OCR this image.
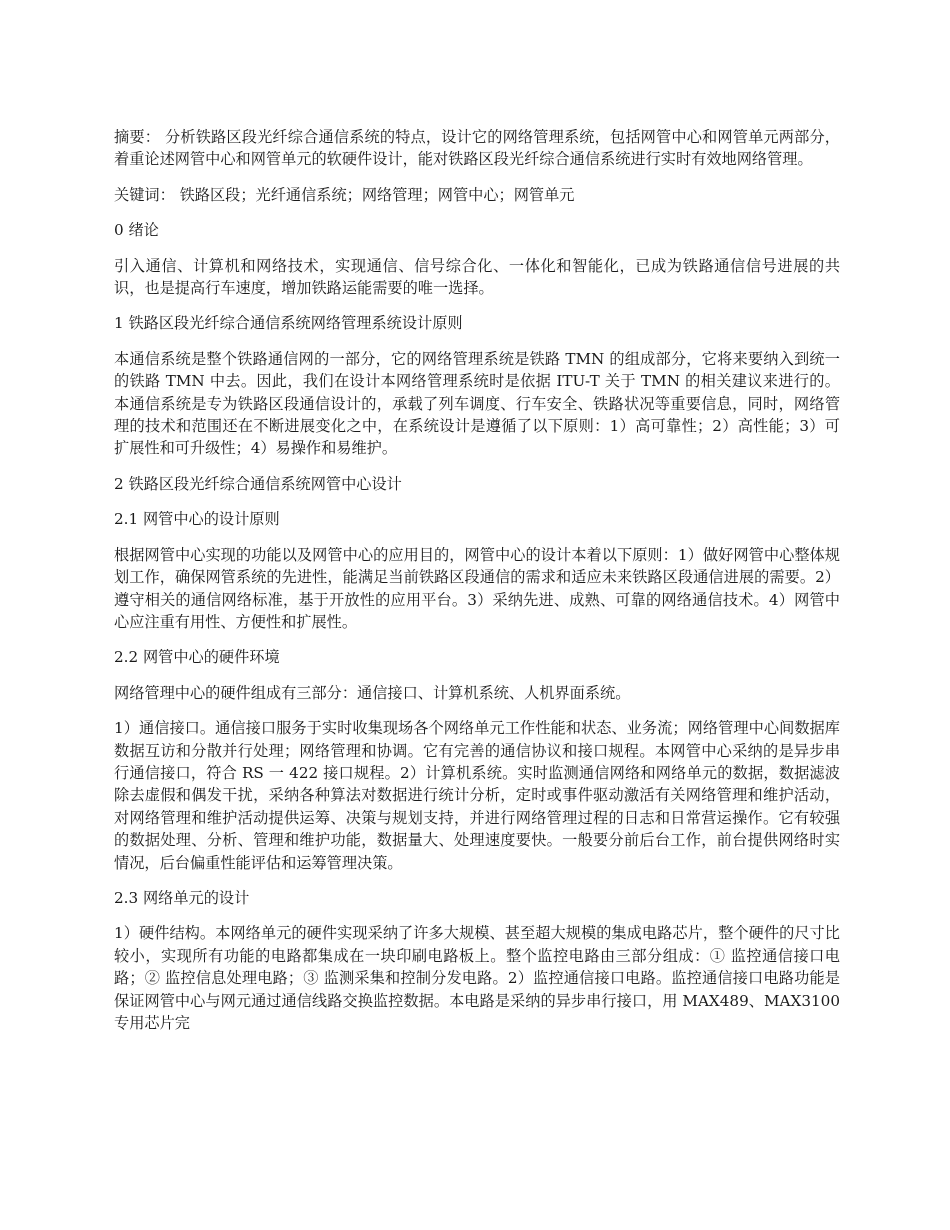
摘要： 分析铁路区段光纤综合通信系统的特点，设计它的网络管理系统，包括网管中心和网管单元两部分，着重论述网管中心和网管单元的软硬件设计，能对铁路区段光纤综合通信系统进行实时有效地网络管理。

关键词： 铁路区段；光纤通信系统；网络管理；网管中心；网管单元

0 绪论

引入通信、计算机和网络技术，实现通信、信号综合化、一体化和智能化，已成为铁路通信信号进展的共识，也是提高行车速度，增加铁路运能需要的唯一选择。

1 铁路区段光纤综合通信系统网络管理系统设计原则

本通信系统是整个铁路通信网的一部分，它的网络管理系统是铁路 TMN 的组成部分，它将来要纳入到统一的铁路 TMN 中去。因此，我们在设计本网络管理系统时是依据 ITU-T 关于 TMN 的相关建议来进行的。本通信系统是专为铁路区段通信设计的，承载了列车调度、行车安全、铁路状况等重要信息，同时，网络管理的技术和范围还在不断进展变化之中，在系统设计是遵循了以下原则：1）高可靠性；2）高性能；3）可扩展性和可升级性；4）易操作和易维护。

2 铁路区段光纤综合通信系统网管中心设计

2.1 网管中心的设计原则

根据网管中心实现的功能以及网管中心的应用目的，网管中心的设计本着以下原则：1）做好网管中心整体规划工作，确保网管系统的先进性，能满足当前铁路区段通信的需求和适应未来铁路区段通信进展的需要。2）遵守相关的通信网络标准，基于开放性的应用平台。3）采纳先进、成熟、可靠的网络通信技术。4）网管中心应注重有用性、方便性和扩展性。

2.2 网管中心的硬件环境

网络管理中心的硬件组成有三部分：通信接口、计算机系统、人机界面系统。

1）通信接口。通信接口服务于实时收集现场各个网络单元工作性能和状态、业务流；网络管理中心间数据库数据互访和分散并行处理；网络管理和协调。它有完善的通信协议和接口规程。本网管中心采纳的是异步串行通信接口，符合 RS 一 422 接口规程。2）计算机系统。实时监测通信网络和网络单元的数据，数据滤波除去虚假和偶发干扰，采纳各种算法对数据进行统计分析，定时或事件驱动激活有关网络管理和维护活动，对网络管理和维护活动提供运筹、决策与规划支持，并进行网络管理过程的日志和日常营运操作。它有较强的数据处理、分析、管理和维护功能，数据量大、处理速度要快。一般要分前后台工作，前台提供网络时实情况，后台偏重性能评估和运筹管理决策。

2.3 网络单元的设计

1）硬件结构。本网络单元的硬件实现采纳了许多大规模、甚至超大规模的集成电路芯片，整个硬件的尺寸比较小，实现所有功能的电路都集成在一块印刷电路板上。整个监控电路由三部分组成：① 监控通信接口电路；② 监控信息处理电路；③ 监测采集和控制分发电路。2）监控通信接口电路。监控通信接口电路功能是保证网管中心与网元通过通信线路交换监控数据。本电路是采纳的异步串行接口，用 MAX489、MAX3100 专用芯片完
